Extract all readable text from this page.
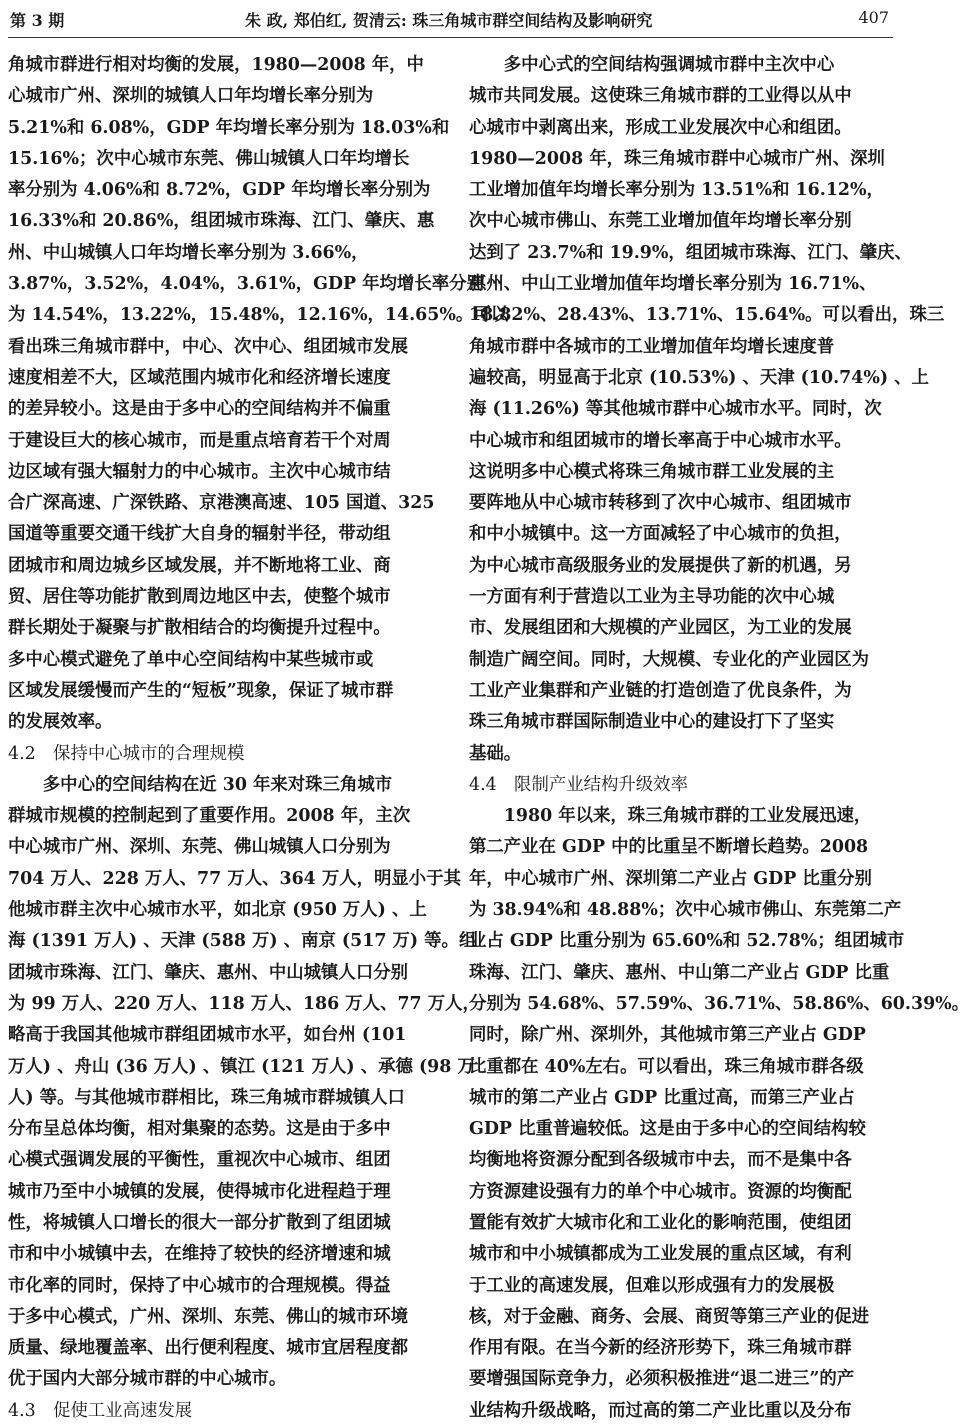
第 3 期	朱 政, 郑伯红, 贺清云: 珠三角城市群空间结构及影响研究	407
角城市群进行相对均衡的发展，1980—2008 年，中
心城市广州、深圳的城镇人口年均增长率分别为
5.21%和 6.08%，GDP 年均增长率分别为 18.03%和
15.16%；次中心城市东莞、佛山城镇人口年均增长
率分别为 4.06%和 8.72%，GDP 年均增长率分别为
16.33%和 20.86%，组团城市珠海、江门、肇庆、惠
州、中山城镇人口年均增长率分别为 3.66%，
3.87%，3.52%，4.04%，3.61%，GDP 年均增长率分别
为 14.54%，13.22%，15.48%，12.16%，14.65%。可以
看出珠三角城市群中，中心、次中心、组团城市发展
速度相差不大，区域范围内城市化和经济增长速度
的差异较小。这是由于多中心的空间结构并不偏重
于建设巨大的核心城市，而是重点培育若干个对周
边区域有强大辐射力的中心城市。主次中心城市结
合广深高速、广深铁路、京港澳高速、105 国道、325
国道等重要交通干线扩大自身的辐射半径，带动组
团城市和周边城乡区域发展，并不断地将工业、商
贸、居住等功能扩散到周边地区中去，使整个城市
群长期处于凝聚与扩散相结合的均衡提升过程中。
多中心模式避免了单中心空间结构中某些城市或
区域发展缓慢而产生的“短板”现象，保证了城市群
的发展效率。
4.2　保持中心城市的合理规模
　　多中心的空间结构在近 30 年来对珠三角城市
群城市规模的控制起到了重要作用。2008 年，主次
中心城市广州、深圳、东莞、佛山城镇人口分别为
704 万人、228 万人、77 万人、364 万人，明显小于其
他城市群主次中心城市水平，如北京 (950 万人) 、上
海 (1391 万人) 、天津 (588 万) 、南京 (517 万) 等。组
团城市珠海、江门、肇庆、惠州、中山城镇人口分别
为 99 万人、220 万人、118 万人、186 万人、77 万人，
略高于我国其他城市群组团城市水平，如台州 (101
万人) 、舟山 (36 万人) 、镇江 (121 万人) 、承德 (98 万
人) 等。与其他城市群相比，珠三角城市群城镇人口
分布呈总体均衡，相对集聚的态势。这是由于多中
心模式强调发展的平衡性，重视次中心城市、组团
城市乃至中小城镇的发展，使得城市化进程趋于理
性，将城镇人口增长的很大一部分扩散到了组团城
市和中小城镇中去，在维持了较快的经济增速和城
市化率的同时，保持了中心城市的合理规模。得益
于多中心模式，广州、深圳、东莞、佛山的城市环境
质量、绿地覆盖率、出行便利程度、城市宜居程度都
优于国内大部分城市群的中心城市。
4.3　促使工业高速发展
　　多中心式的空间结构强调城市群中主次中心
城市共同发展。这使珠三角城市群的工业得以从中
心城市中剥离出来，形成工业发展次中心和组团。
1980—2008 年，珠三角城市群中心城市广州、深圳
工业增加值年均增长率分别为 13.51%和 16.12%，
次中心城市佛山、东莞工业增加值年均增长率分别
达到了 23.7%和 19.9%，组团城市珠海、江门、肇庆、
惠州、中山工业增加值年均增长率分别为 16.71%、
18.82%、28.43%、13.71%、15.64%。可以看出，珠三
角城市群中各城市的工业增加值年均增长速度普
遍较高，明显高于北京 (10.53%) 、天津 (10.74%) 、上
海 (11.26%) 等其他城市群中心城市水平。同时，次
中心城市和组团城市的增长率高于中心城市水平。
这说明多中心模式将珠三角城市群工业发展的主
要阵地从中心城市转移到了次中心城市、组团城市
和中小城镇中。这一方面减轻了中心城市的负担，
为中心城市高级服务业的发展提供了新的机遇，另
一方面有利于营造以工业为主导功能的次中心城
市、发展组团和大规模的产业园区，为工业的发展
制造广阔空间。同时，大规模、专业化的产业园区为
工业产业集群和产业链的打造创造了优良条件，为
珠三角城市群国际制造业中心的建设打下了坚实
基础。
4.4　限制产业结构升级效率
　　1980 年以来，珠三角城市群的工业发展迅速，
第二产业在 GDP 中的比重呈不断增长趋势。2008
年，中心城市广州、深圳第二产业占 GDP 比重分别
为 38.94%和 48.88%；次中心城市佛山、东莞第二产
业占 GDP 比重分别为 65.60%和 52.78%；组团城市
珠海、江门、肇庆、惠州、中山第二产业占 GDP 比重
分别为 54.68%、57.59%、36.71%、58.86%、60.39%。
同时，除广州、深圳外，其他城市第三产业占 GDP
比重都在 40%左右。可以看出，珠三角城市群各级
城市的第二产业占 GDP 比重过高，而第三产业占
GDP 比重普遍较低。这是由于多中心的空间结构较
均衡地将资源分配到各级城市中去，而不是集中各
方资源建设强有力的单个中心城市。资源的均衡配
置能有效扩大城市化和工业化的影响范围，使组团
城市和中小城镇都成为工业发展的重点区域，有利
于工业的高速发展，但难以形成强有力的发展极
核，对于金融、商务、会展、商贸等第三产业的促进
作用有限。在当今新的经济形势下，珠三角城市群
要增强国际竞争力，必须积极推进“退二进三”的产
业结构升级战略，而过高的第二产业比重以及分布
